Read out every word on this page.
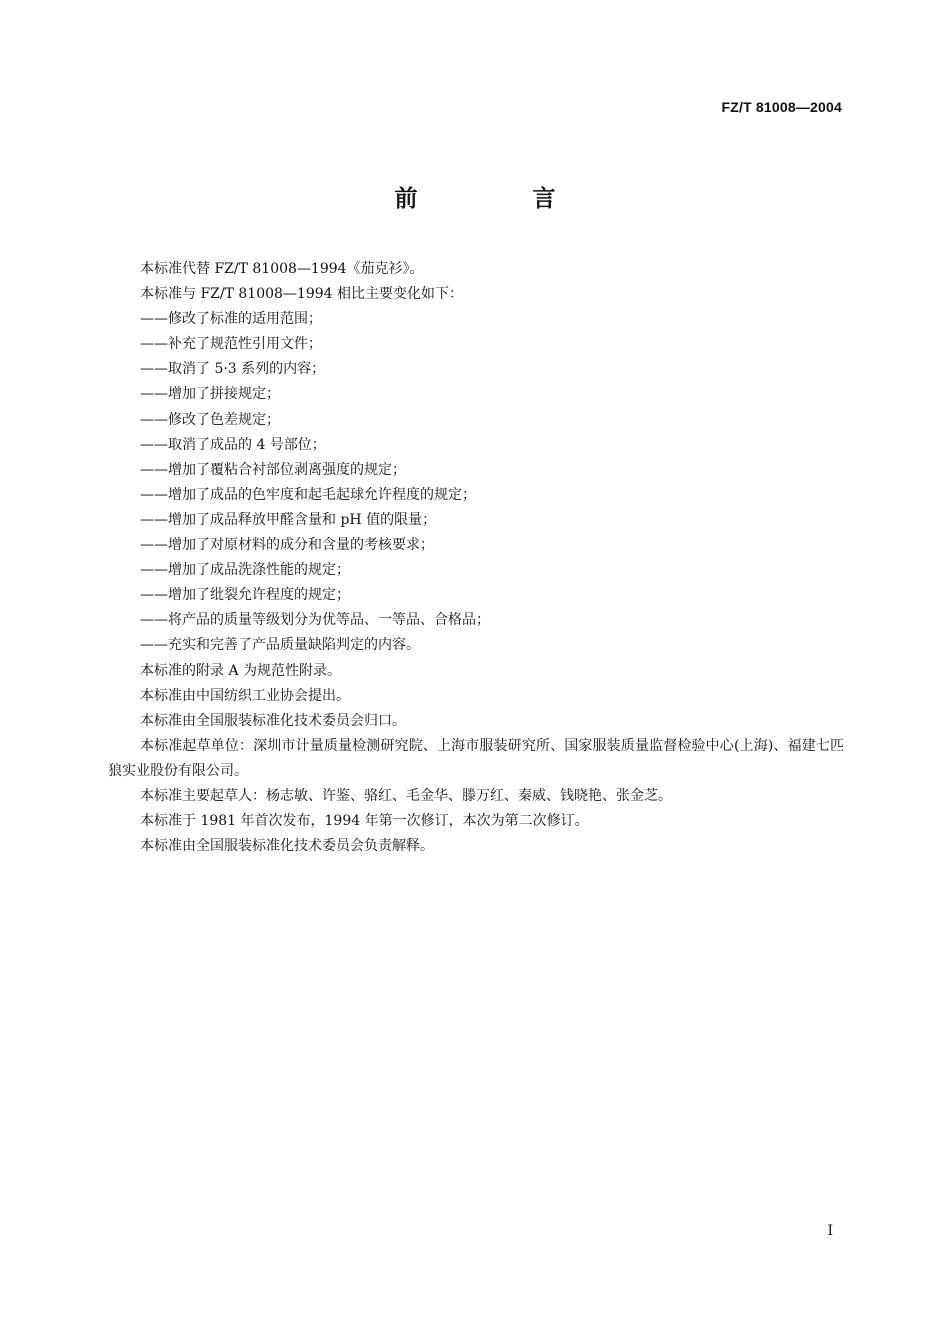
FZ/T 81008—2004
前　言

本标准代替 FZ/T 81008—1994《茄克衫》。

本标准与 FZ/T 81008—1994 相比主要变化如下：

——修改了标准的适用范围；

——补充了规范性引用文件；

——取消了 5·3 系列的内容；

——增加了拼接规定；

——修改了色差规定；

——取消了成品的 4 号部位；

——增加了覆粘合衬部位剥离强度的规定；

——增加了成品的色牢度和起毛起球允许程度的规定；

——增加了成品释放甲醛含量和 pH 值的限量；

——增加了对原材料的成分和含量的考核要求；

——增加了成品洗涤性能的规定；

——增加了纰裂允许程度的规定；

——将产品的质量等级划分为优等品、一等品、合格品；

——充实和完善了产品质量缺陷判定的内容。

本标准的附录 A 为规范性附录。

本标准由中国纺织工业协会提出。

本标准由全国服装标准化技术委员会归口。

本标准起草单位：深圳市计量质量检测研究院、上海市服装研究所、国家服装质量监督检验中心(上海)、福建七匹狼实业股份有限公司。

本标准主要起草人：杨志敏、许鉴、骆红、毛金华、滕万红、秦威、钱晓艳、张金芝。

本标准于 1981 年首次发布，1994 年第一次修订，本次为第二次修订。

本标准由全国服装标准化技术委员会负责解释。

I
